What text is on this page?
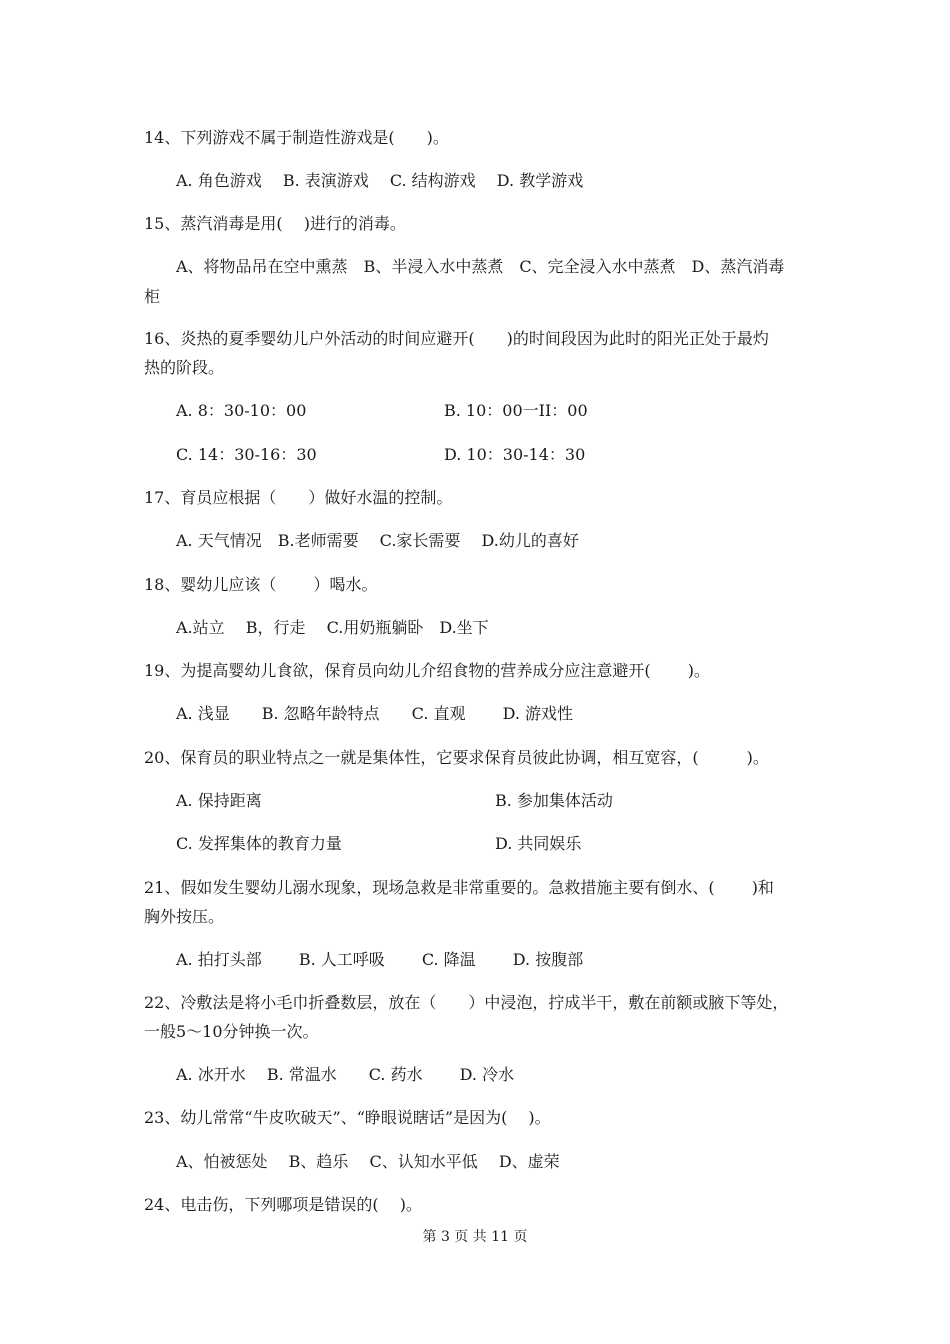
14、下列游戏不属于制造性游戏是(　　)。
A. 角色游戏　 B. 表演游戏　 C. 结构游戏　 D. 教学游戏
15、蒸汽消毒是用(　 )进行的消毒。
A、将物品吊在空中熏蒸　B、半浸入水中蒸煮　C、完全浸入水中蒸煮　D、蒸汽消毒
柜
16、炎热的夏季婴幼儿户外活动的时间应避开(　　)的时间段因为此时的阳光正处于最灼
热的阶段。
A. 8：30-10：00	B. 10：00一II：00
C. 14：30-16：30	D. 10：30-14：30
17、育员应根据（　　）做好水温的控制。
A. 天气情况　B.老师需要　 C.家长需要　 D.幼儿的喜好
18、婴幼儿应该（　　 ）喝水。
A.站立　 B，行走　 C.用奶瓶躺卧　D.坐下
19、为提高婴幼儿食欲，保育员向幼儿介绍食物的营养成分应注意避开(　　 )。
A. 浅显　　B. 忽略年龄特点　　C. 直观　　 D. 游戏性
20、保育员的职业特点之一就是集体性，它要求保育员彼此协调，相互宽容，(　　　)。
A. 保持距离	B. 参加集体活动
C. 发挥集体的教育力量	D. 共同娱乐
21、假如发生婴幼儿溺水现象，现场急救是非常重要的。急救措施主要有倒水、(　　 )和
胸外按压。
A. 拍打头部　　 B. 人工呼吸　　 C. 降温　　 D. 按腹部
22、冷敷法是将小毛巾折叠数层，放在（　　）中浸泡，拧成半干，敷在前额或腋下等处，
一般5～10分钟换一次。
A. 冰开水　 B. 常温水　　C. 药水　　 D. 冷水
23、幼儿常常“牛皮吹破天”、“睁眼说瞎话”是因为(　 )。
A、怕被惩处　 B、趋乐　 C、认知水平低　 D、虚荣
24、电击伤，下列哪项是错误的(　 )。
第 3 页 共 11 页
